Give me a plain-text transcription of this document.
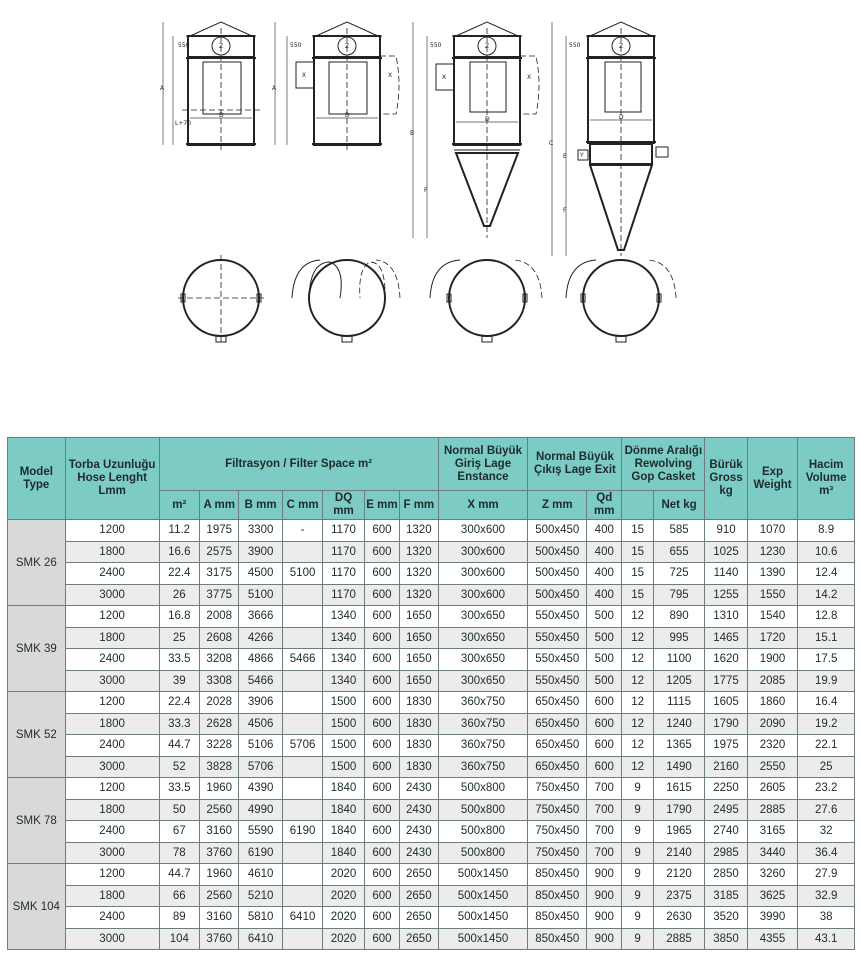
550	Z
A
L+70
D
550	Z
A
X	X
D
550	Z
B
X	X
D
F
550	Z
C
D
E Y
F
Model Type	Torba Uzunluğu Hose Lenght Lmm	Filtrasyon / Filter Space m²							Normal Büyük Giriş Lage Enstance	Normal Büyük Çıkış Lage Exit		Dönme Aralığı Rewolving Gop Casket		Bürük Gross kg	Exp Weight	Hacim Volume m³
		m²	A mm	B mm	C mm	DQ mm	E mm	F mm	X mm	Z mm	Qd mm		Net kg			
SMK 26	1200	11.2	1975	3300	-	1170	600	1320	300x600	500x450	400	15	585	910	1070	8.9
	1800	16.6	2575	3900		1170	600	1320	300x600	500x450	400	15	655	1025	1230	10.6
	2400	22.4	3175	4500	5100	1170	600	1320	300x600	500x450	400	15	725	1140	1390	12.4
	3000	26	3775	5100		1170	600	1320	300x600	500x450	400	15	795	1255	1550	14.2
SMK 39	1200	16.8	2008	3666		1340	600	1650	300x650	550x450	500	12	890	1310	1540	12.8
	1800	25	2608	4266		1340	600	1650	300x650	550x450	500	12	995	1465	1720	15.1
	2400	33.5	3208	4866	5466	1340	600	1650	300x650	550x450	500	12	1100	1620	1900	17.5
	3000	39	3308	5466		1340	600	1650	300x650	550x450	500	12	1205	1775	2085	19.9
SMK 52	1200	22.4	2028	3906		1500	600	1830	360x750	650x450	600	12	1115	1605	1860	16.4
	1800	33.3	2628	4506		1500	600	1830	360x750	650x450	600	12	1240	1790	2090	19.2
	2400	44.7	3228	5106	5706	1500	600	1830	360x750	650x450	600	12	1365	1975	2320	22.1
	3000	52	3828	5706		1500	600	1830	360x750	650x450	600	12	1490	2160	2550	25
SMK 78	1200	33.5	1960	4390		1840	600	2430	500x800	750x450	700	9	1615	2250	2605	23.2
	1800	50	2560	4990		1840	600	2430	500x800	750x450	700	9	1790	2495	2885	27.6
	2400	67	3160	5590	6190	1840	600	2430	500x800	750x450	700	9	1965	2740	3165	32
	3000	78	3760	6190		1840	600	2430	500x800	750x450	700	9	2140	2985	3440	36.4
SMK 104	1200	44.7	1960	4610		2020	600	2650	500x1450	850x450	900	9	2120	2850	3260	27.9
	1800	66	2560	5210		2020	600	2650	500x1450	850x450	900	9	2375	3185	3625	32.9
	2400	89	3160	5810	6410	2020	600	2650	500x1450	850x450	900	9	2630	3520	3990	38
	3000	104	3760	6410		2020	600	2650	500x1450	850x450	900	9	2885	3850	4355	43.1
